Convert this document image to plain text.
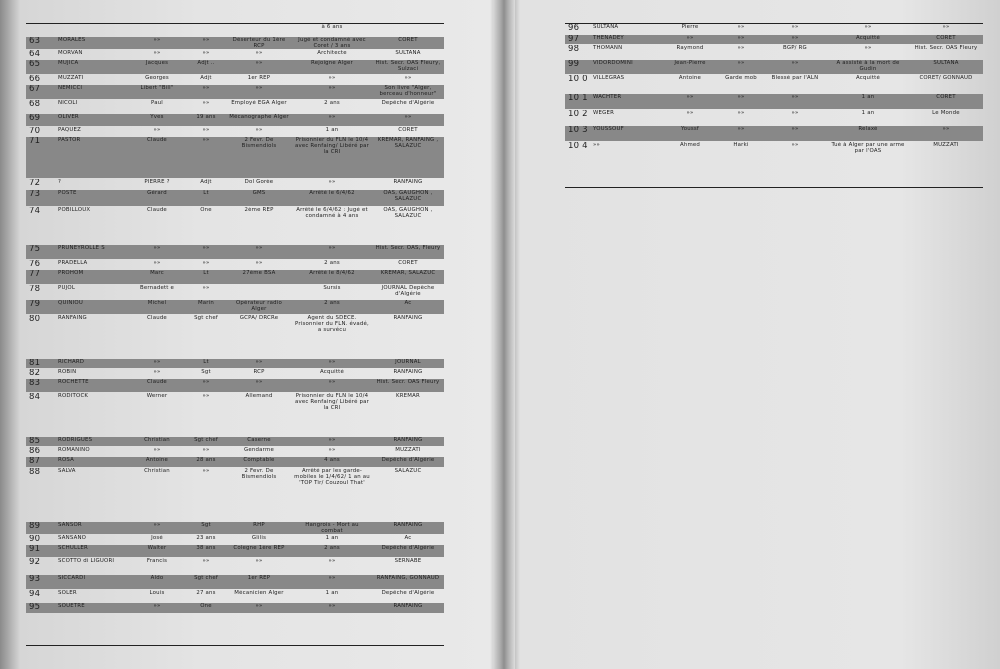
					à 6 ans	
63	MORALES	»»	»»	Déserteur du 1ère RCP	Jugé et condamné avec Coret / 3 ans	CORET
64	MORVAN	»»	»»	»»	Architecte	SULTANA
65	MUJICA	Jacques	Adjt ..	»»	Rejoigne Alger	Hist. Secr. OAS Fleury, Sulzaci
66	MUZZATI	Georges	Adjt	1er REP	»»	»»
67	NEMICCI	Libert "Bill"	»»	»»	»»	Son livre "Alger, berceau d'honneur"
68	NICOLI	Paul	»»	Employé EGA Alger	2 ans	Depêche d'Algérie
69	OLIVER	Yves	19 ans	Mécanographe Alger	»»	»»
70	PAQUEZ	»»	»»	»»	1 an	CORET
71	PASTOR	Claude	»»	2 Fevr. De Bismendiols	Prisonnier du FLN le 10/4 avec Renfaing/ Libéré par la CRI	KREMAR, RANFAING , SALAZUC
72	?	PIERRE ?	Adjt	Dol Gorèe	»»	RANFAING
73	POSTE	Gérard	Lt	GMS	Arrêté le 6/4/62	OAS, GAUGHON , SALAZUC
74	POBILLOUX	Claude	One	2ème REP	Arrêté le 6/4/62 : Jugé et condamné à 4 ans	OAS, GAUGHON , SALAZUC
75	PRUNEYROLLE S	»»	»»	»»	»»	Hist. Secr. OAS, Fleury
76	PRADELLA	»»	»»	»»	2 ans	CORET
77	PROHOM	Marc	Lt	27ème BSA	Arrêté le 8/4/62	KREMAR, SALAZUC
78	PUJOL	Bernadett e	»»		Sursis	JOURNAL Depêche d'Algérie
79	QUINIOU	Michel	Marin	Opérateur radio Alger	2 ans	Ac
80	RANFAING	Claude	Sgt chef	GCPA/ DRCRe	Agent du SDECE. Prisonnier du FLN. évadé, a survécu	RANFAING
81	RICHARD	»»	Lt	»»	»»	JOURNAL
82	ROBIN	»»	Sgt	RCP	Acquitté	RANFAING
83	ROCHETTE	Claude	»»	»»	»»	Hist. Secr. OAS Fleury
84	RODITOCK	Werner	»»	Allemand	Prisonnier du FLN le 10/4 avec Renfaing/ Libéré par la CRI	KREMAR
85	RODRIGUES	Christian	Sgt chef	Caserne	»»	RANFAING
86	ROMANINO	»»	»»	Gendarme	»»	MUZZATI
87	ROSA	Antoine	28 ans	Comptable	4 ans	Depêche d'Algérie
88	SALVA	Christian	»»	2 Fevr. De Bismendiols	Arrêté par les garde-mobiles le 1/4/62/ 1 an au 'TOP Tir/ Couzoul That'	SALAZUC
89	SANSOR	»»	Sgt	RHP	Hangrois - Mort au combat	RANFAING
90	SANSANO	José	23 ans	Glilis	1 an	Ac
91	SCHULLER	Walter	38 ans	Colegne 1ère REP	2 ans	Depêche d'Algérie
92	SCOTTO di LIGUORI	Francis	»»	»»	»»	SERNABE
93	SICCARDI	Aldo	Sgt chef	1er REP	»»	RANFAING, GONNAUD
94	SOLER	Louis	27 ans	Mécanicien Alger	1 an	Depêche d'Algérie
95	SOUËTRE	»»	One	»»	»»	RANFAING
96	SULTANA	Pierre	»»	»»	»»	»»
97	THENADEY	»»	»»	»»	Acquitté	CORET
98	THOMANN	Raymond	»»	BGP/ RG	»»	Hist. Secr. OAS Fleury
99	VIDORDOMINI	Jean-Pierre	»»	»»	A assisté à la mort de Gudin	SULTANA
10 0	VILLEGRAS	Antoine	Garde mob	Blessé par l'ALN	Acquitté	CORET/ GONNAUD
10 1	WACHTER	»»	»»	»»	1 an	CORET
10 2	WEGER	»»	»»	»»	1 an	Le Monde
10 3	YOUSSOUF	Youssf	»»	»»	Relaxé	»»
10 4	»»	Ahmed	Harki	»»	Tué à Alger par une arme par l'OAS	MUZZATI
